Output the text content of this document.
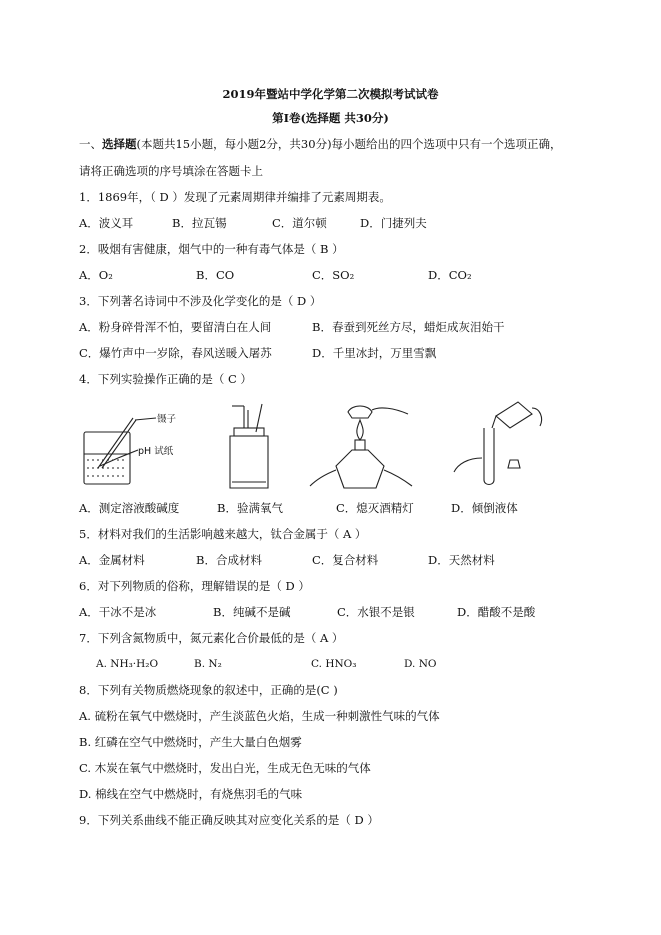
2019年暨站中学化学第二次模拟考试试卷
第Ⅰ卷(选择题 共30分)
一、选择题(本题共15小题，每小题2分，共30分)每小题给出的四个选项中只有一个选项正确，
请将正确选项的序号填涂在答题卡上
1．1869年，（ D ）发现了元素周期律并编排了元素周期表。
A．波义耳	B．拉瓦锡	C．道尔顿	D．门捷列夫
2．吸烟有害健康，烟气中的一种有毒气体是（ B ）
A．O₂	B．CO	C．SO₂	D．CO₂
3．下列著名诗词中不涉及化学变化的是（ D ）
A．粉身碎骨浑不怕，要留清白在人间	B．春蚕到死丝方尽，蜡炬成灰泪始干
C．爆竹声中一岁除，春风送暖入屠苏	D．千里冰封，万里雪飘
4．下列实验操作正确的是（ C ）
镊子
pH 试纸
A．测定溶液酸碱度	B．验满氧气	C．熄灭酒精灯	D．倾倒液体
5．材料对我们的生活影响越来越大，钛合金属于（ A ）
A．金属材料	B．合成材料	C．复合材料	D．天然材料
6．对下列物质的俗称，理解错误的是（ D ）
A．干冰不是冰	B．纯碱不是碱	C．水银不是银	D．醋酸不是酸
7．下列含氮物质中，氮元素化合价最低的是（ A ）
A. NH₃·H₂O	B. N₂	C. HNO₃	D. NO
8．下列有关物质燃烧现象的叙述中，正确的是(C )
A. 硫粉在氧气中燃烧时，产生淡蓝色火焰，生成一种刺激性气味的气体
B. 红磷在空气中燃烧时，产生大量白色烟雾
C. 木炭在氧气中燃烧时，发出白光，生成无色无味的气体
D. 棉线在空气中燃烧时，有烧焦羽毛的气味
9．下列关系曲线不能正确反映其对应变化关系的是（ D ）
